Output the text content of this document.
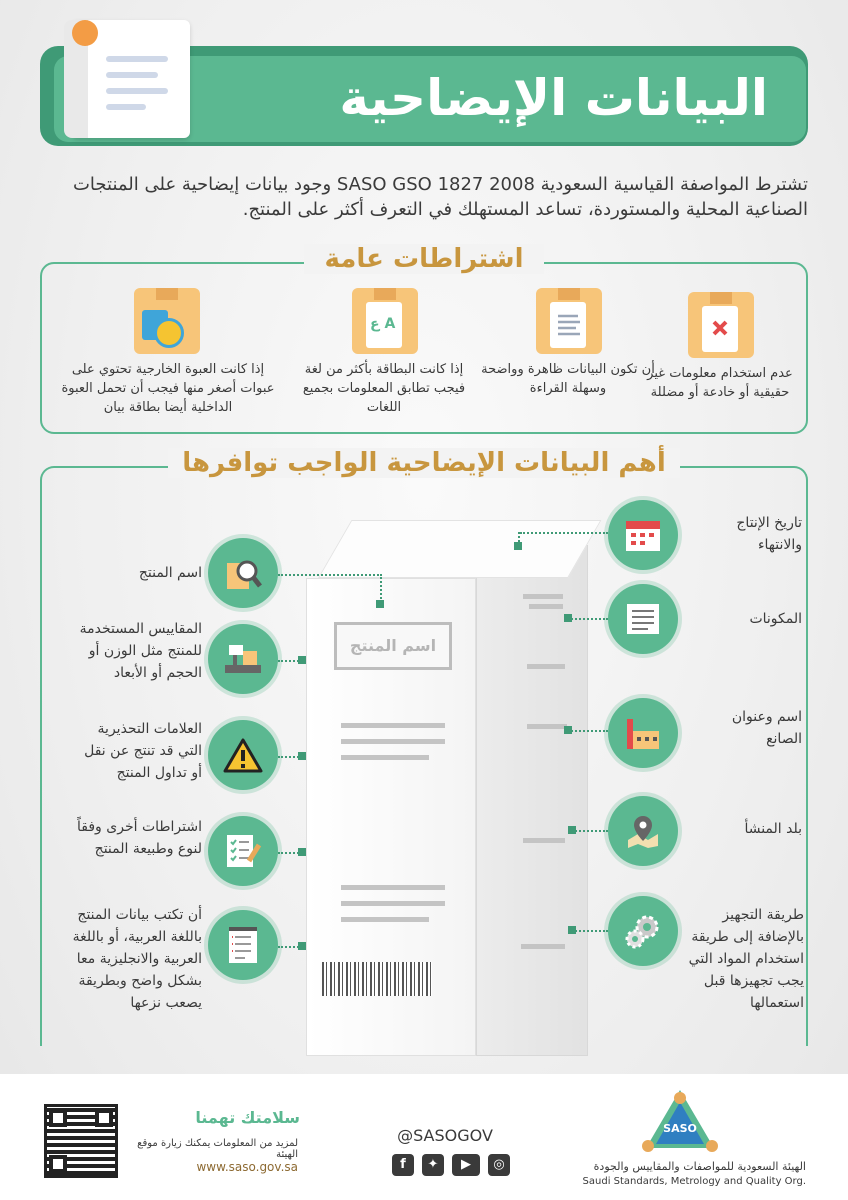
البيانات الإيضاحية
تشترط المواصفة القياسية السعودية SASO GSO 1827 2008 وجود بيانات إيضاحية على المنتجات الصناعية المحلية والمستوردة، تساعد المستهلك في التعرف أكثر على المنتج.
اشتراطات عامة
عدم استخدام معلومات غير حقيقية أو خادعة أو مضللة
أن تكون البيانات ظاهرة وواضحة وسهلة القراءة
ع A
إذا كانت البطاقة بأكثر من لغة فيجب تطابق المعلومات بجميع اللغات
إذا كانت العبوة الخارجية تحتوي على عبوات أصغر منها فيجب أن تحمل العبوة الداخلية أيضا بطاقة بيان
أهم البيانات الإيضاحية الواجب توافرها
اسم المنتج
تاريخ الإنتاج والانتهاء
المكونات
اسم وعنوان الصانع
بلد المنشأ
طريقة التجهيز بالإضافة إلى طريقة استخدام المواد التي يجب تجهيزها قبل استعمالها
اسم المنتج
المقاييس المستخدمة للمنتج مثل الوزن أو الحجم أو الأبعاد
العلامات التحذيرية التي قد تنتج عن نقل أو تداول المنتج
اشتراطات أخرى وفقاً لنوع وطبيعة المنتج
أن تكتب بيانات المنتج باللغة العربية، أو باللغة العربية والانجليزية معا بشكل واضح وبطريقة يصعب نزعها
سلامتك تهمنا
لمزيد من المعلومات يمكنك زيارة موقع الهيئة
www.saso.gov.sa
@SASOGOV
f	✦	▶	◎
SASO
الهيئة السعودية للمواصفات والمقاييس والجودة
Saudi Standards, Metrology and Quality Org.
